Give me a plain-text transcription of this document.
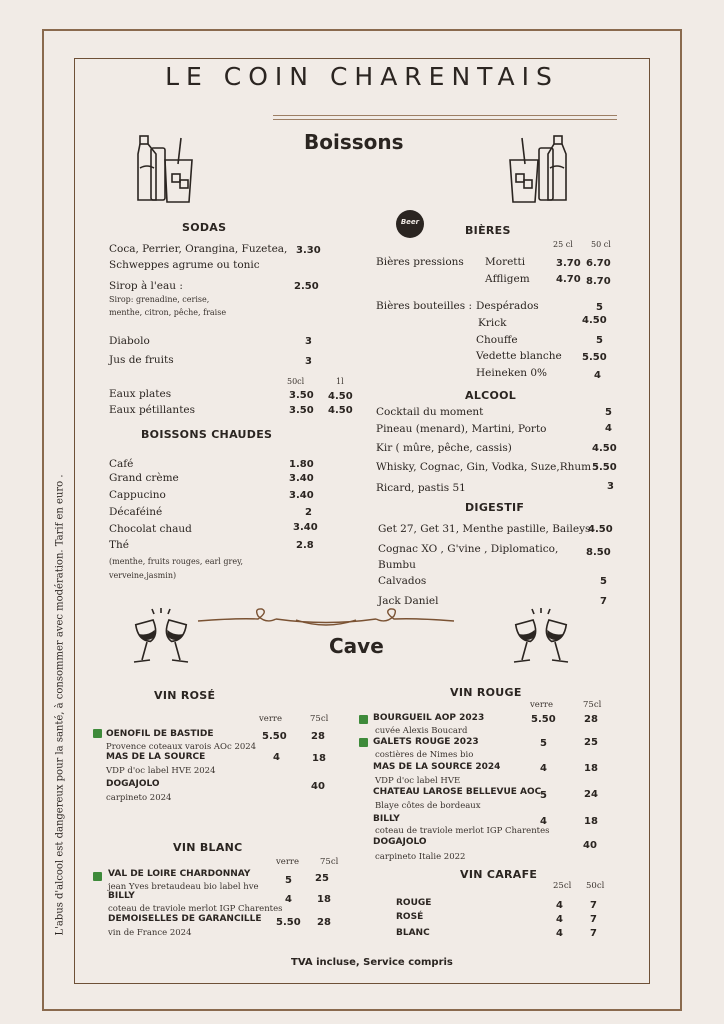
LE COIN CHARENTAIS
Boissons
SODAS
Coca, Perrier, Orangina, Fuzetea,
Schweppes agrume ou tonic
3.30
Sirop à l'eau :
Sirop: grenadine, cerise,
menthe, citron, pêche, fraise
2.50
Diabolo	3
Jus de fruits	3
50cl	1l
Eaux plates	3.50 4.50
Eaux pétillantes	3.50 4.50
BOISSONS CHAUDES
Café	1.80
Grand crème	3.40
Cappucino	3.40
Décaféiné	2
Chocolat chaud	3.40
Thé	2.8
(menthe, fruits rouges, earl grey,
verveine,jasmin)
Beer
BIÈRES
25 cl 50 cl
Bières pressions Moretti	3.70 6.70
Affligem	4.70 8.70
Bières bouteilles : Despérados	5
Krick	4.50
Chouffe	5
Vedette blanche 5.50
Heineken 0%	4
ALCOOL
Cocktail du moment	5
Pineau (menard), Martini, Porto	4
Kir ( mûre, pêche, cassis)	4.50
Whisky, Cognac, Gin, Vodka, Suze,Rhum 5.50
Ricard, pastis 51	3
DIGESTIF
Get 27, Get 31, Menthe pastille, Baileys
4.50
Cognac XO , G'vine , Diplomatico,
Bumbu
8.50
Calvados	5
Jack Daniel	7
Cave
VIN ROSÉ
verre	75cl
OENOFIL DE BASTIDE
Provence coteaux varois AOc 2024
5.50 28
MAS DE LA SOURCE
VDP d'oc label HVE 2024
4	18
DOGAJOLO
carpineto 2024
40
VIN BLANC
verre 75cl
VAL DE LOIRE CHARDONNAY
jean Yves bretaudeau bio label hve
5 25
BILLY
coteau de traviole merlot IGP Charentes
4	18
DEMOISELLES DE GARANCILLE
vin de France 2024
5.50 28
VIN ROUGE
verre	75cl
BOURGUEIL AOP 2023
cuvée Alexis Boucard
5.50	28
GALETS ROUGE 2023
costières de Nimes bio
5	25
MAS DE LA SOURCE 2024
VDP d'oc label HVE
4	18
CHATEAU LAROSE BELLEVUE AOC
Blaye côtes de bordeaux
5	24
BILLY
coteau de traviole merlot IGP Charentes
4	18
DOGAJOLO
carpineto Italie 2022
40
VIN CARAFE
25cl 50cl
ROUGE	4	7
ROSÉ	4	7
BLANC	4	7
TVA incluse, Service compris
L'abus d'alcool est dangereux pour la santé, à consommer avec modération. Tarif en euro .
